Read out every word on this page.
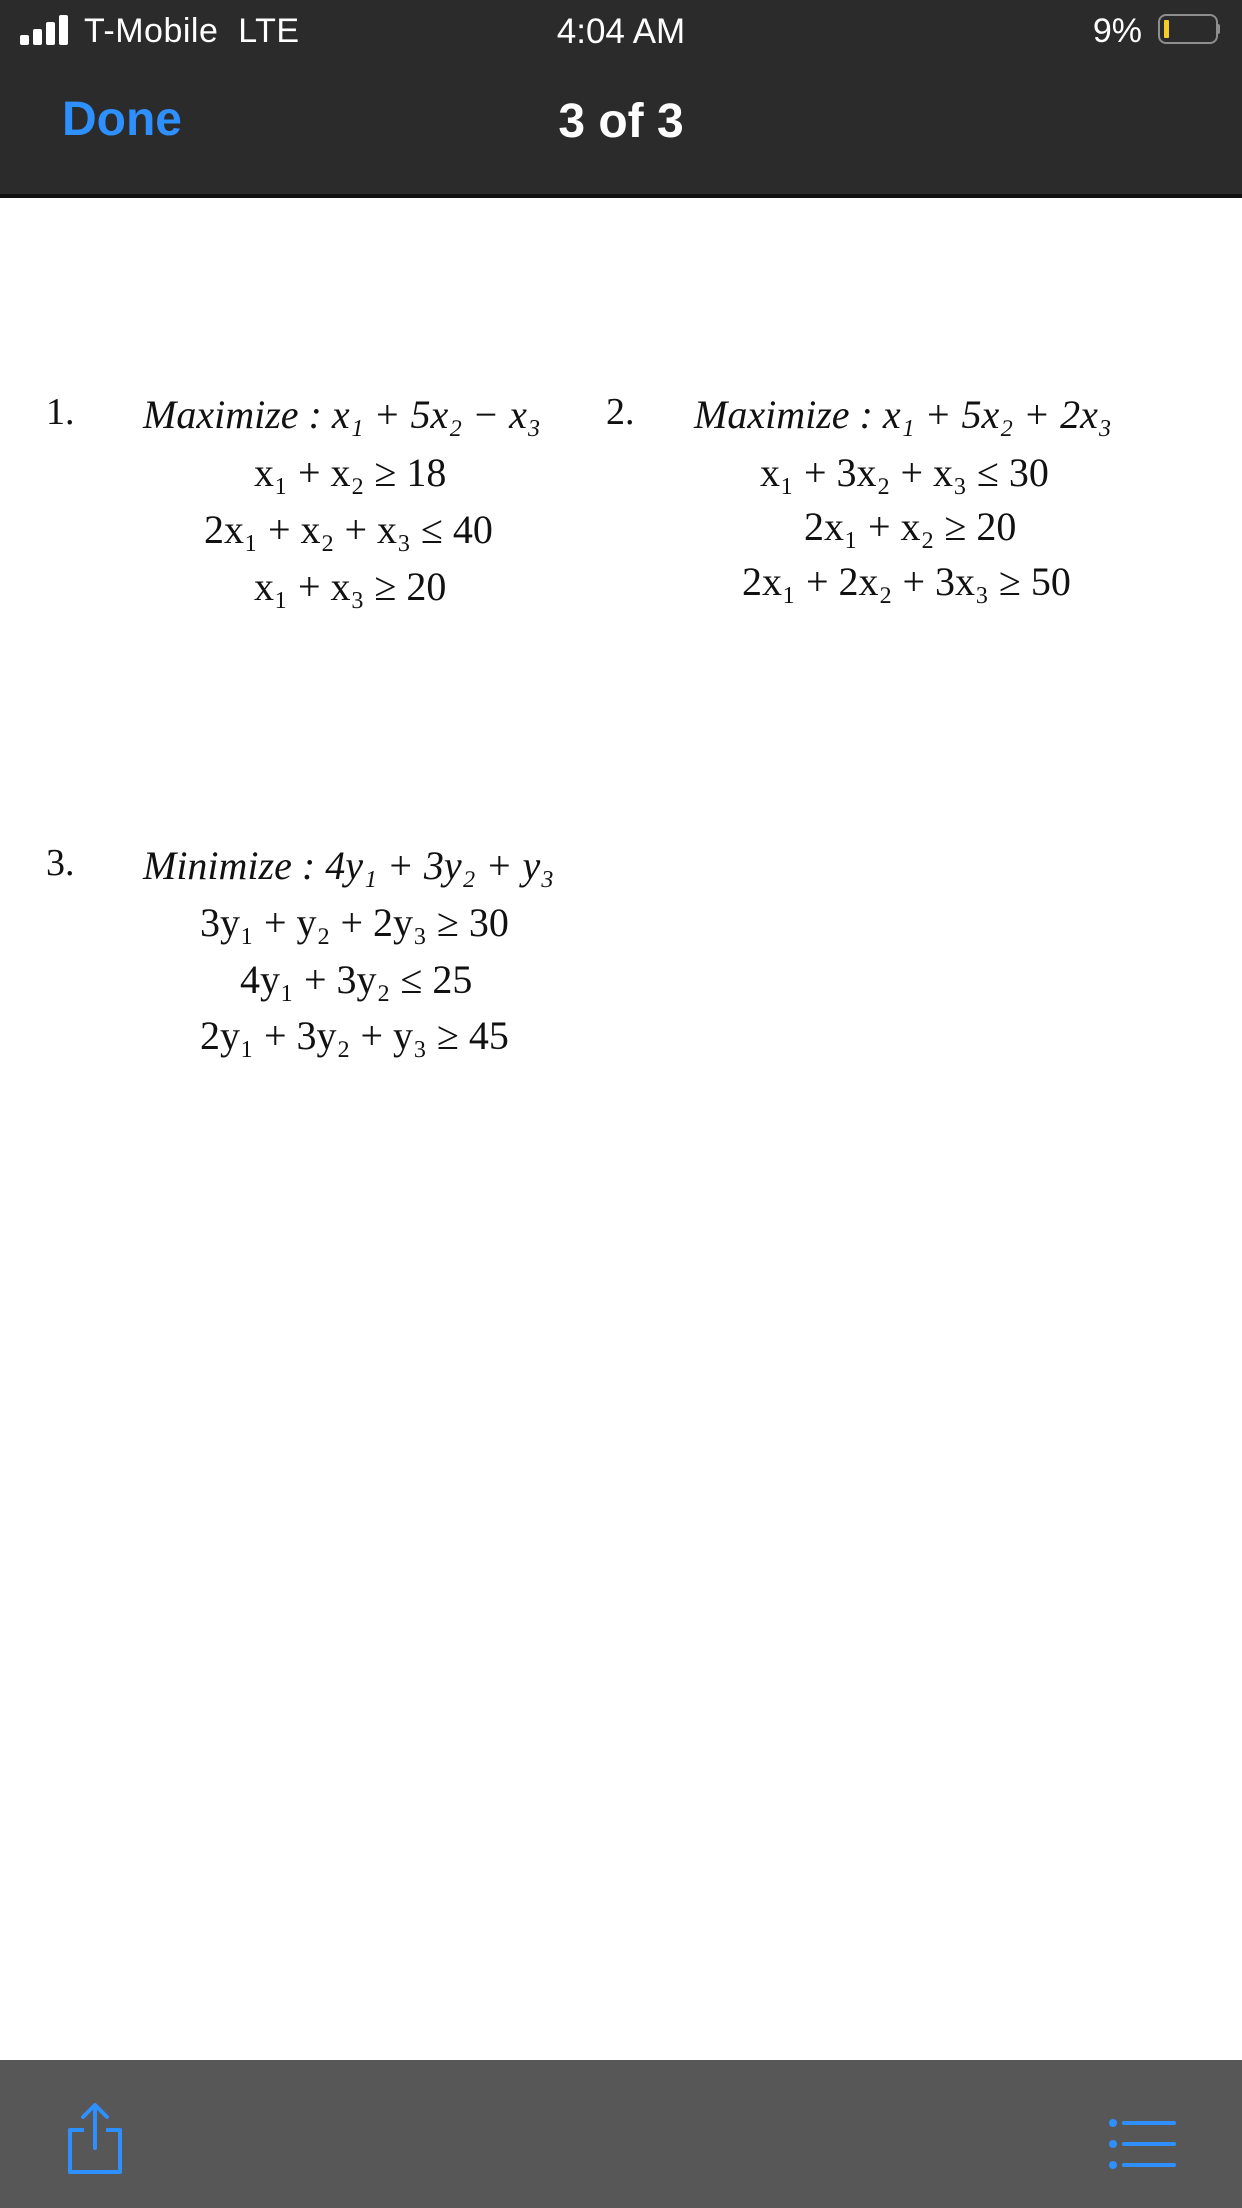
T-Mobile  LTE	4:04 AM	9%
Done	3 of 3
1. Maximize : x₁ + 5x₂ − x₃
x₁ + x₂ ≥ 18
2x₁ + x₂ + x₃ ≤ 40
x₁ + x₃ ≥ 20
2. Maximize : x₁ + 5x₂ + 2x₃
x₁ + 3x₂ + x₃ ≤ 30
2x₁ + x₂ ≥ 20
2x₁ + 2x₂ + 3x₃ ≥ 50
3. Minimize : 4y₁ + 3y₂ + y₃
3y₁ + y₂ + 2y₃ ≥ 30
4y₁ + 3y₂ ≤ 25
2y₁ + 3y₂ + y₃ ≥ 45
